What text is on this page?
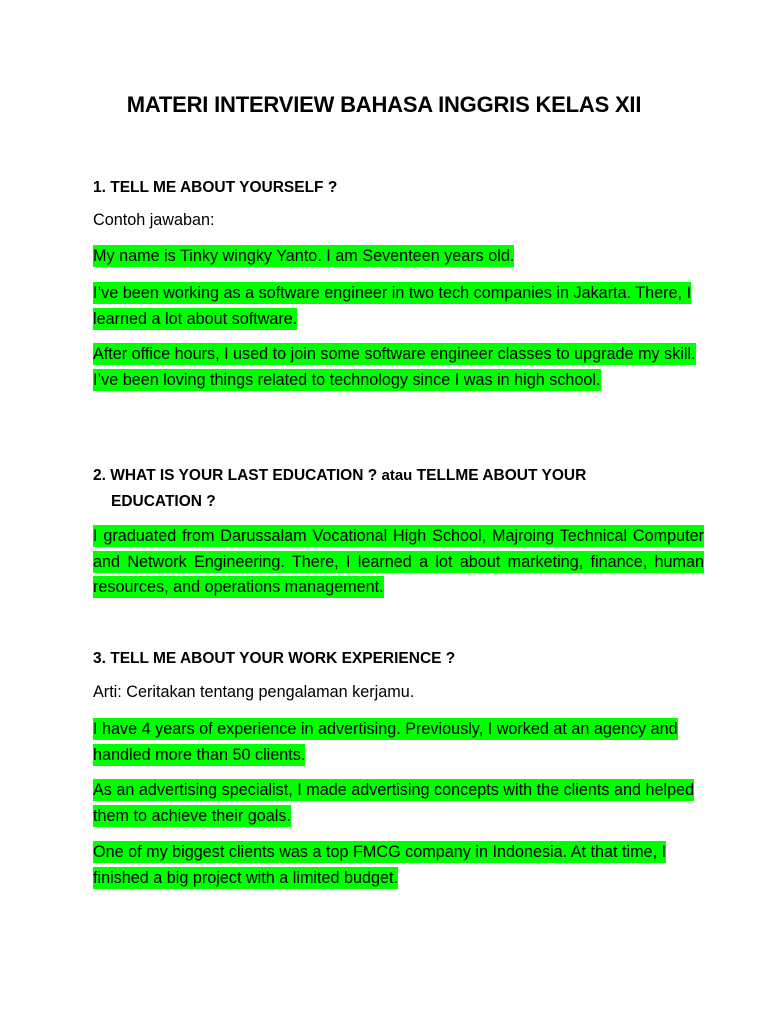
MATERI INTERVIEW BAHASA INGGRIS KELAS XII
1. TELL ME ABOUT YOURSELF ?
Contoh jawaban:
My name is Tinky wingky Yanto. I am Seventeen years old.
I’ve been working as a software engineer in two tech companies in Jakarta. There, I learned a lot about software.
After office hours, I used to join some software engineer classes to upgrade my skill. I’ve been loving things related to technology since I was in high school.
2. WHAT IS YOUR LAST EDUCATION ? atau TELLME ABOUT YOUR
EDUCATION ?
I graduated from Darussalam Vocational High School, Majroing Technical Computer and Network Engineering. There, I learned a lot about marketing, finance, human resources, and operations management.
3. TELL ME ABOUT YOUR WORK EXPERIENCE ?
Arti: Ceritakan tentang pengalaman kerjamu.
I have 4 years of experience in advertising. Previously, I worked at an agency and handled more than 50 clients.
As an advertising specialist, I made advertising concepts with the clients and helped them to achieve their goals.
One of my biggest clients was a top FMCG company in Indonesia. At that time, I finished a big project with a limited budget.
